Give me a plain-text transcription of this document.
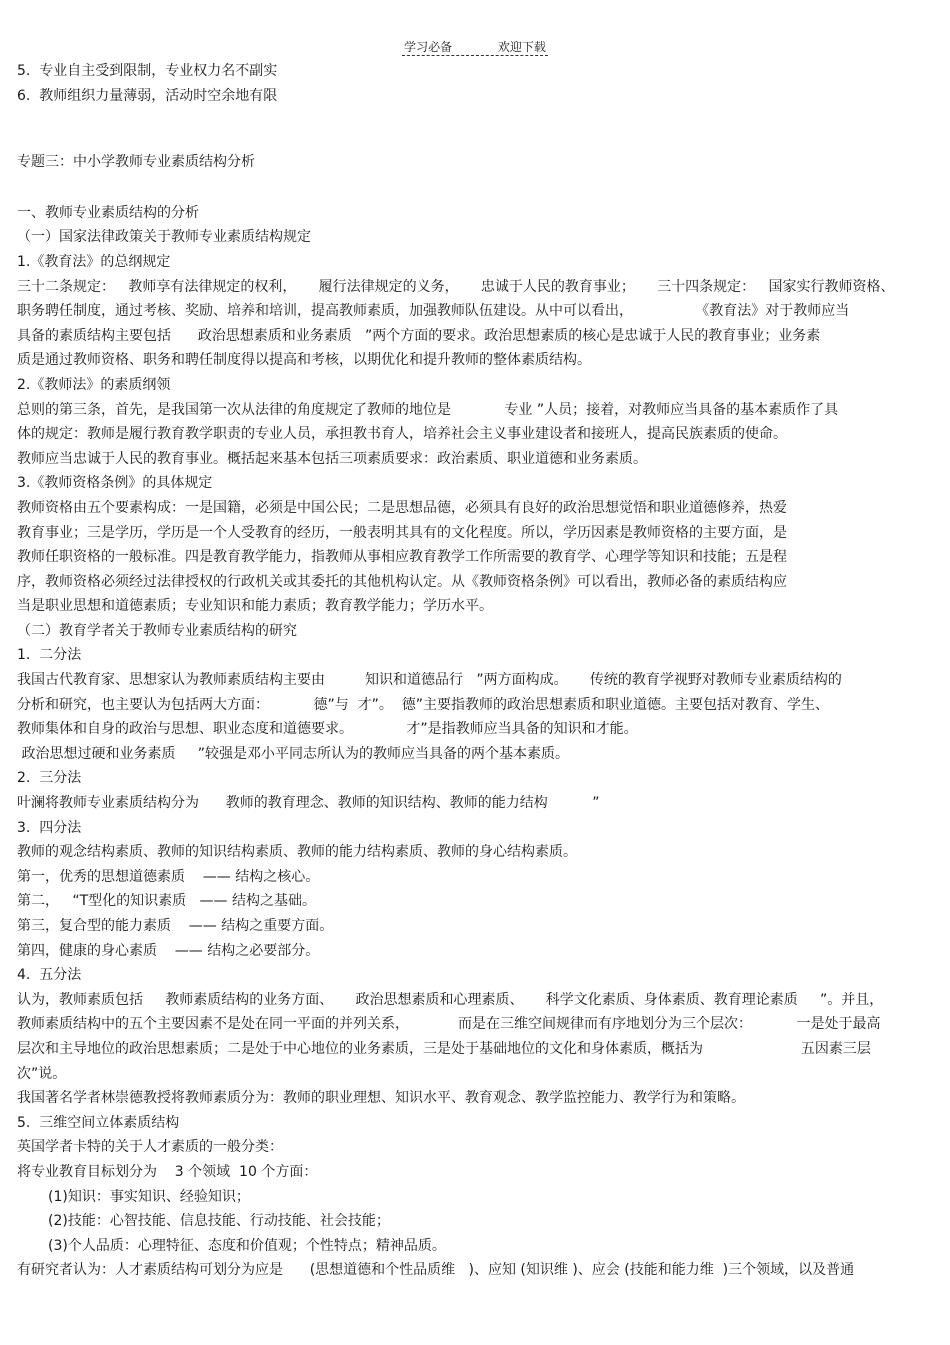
学习必备	欢迎下载

5.  专业自主受到限制，专业权力名不副实

6.  教师组织力量薄弱，活动时空余地有限

专题三：中小学教师专业素质结构分析

一、教师专业素质结构的分析

（一）国家法律政策关于教师专业素质结构规定

1.《教育法》的总纲规定

三十二条规定：   教师享有法律规定的权利，     履行法律规定的义务，     忠诚于人民的教育事业；     三十四条规定：   国家实行教师资格、

职务聘任制度，通过考核、奖励、培养和培训，提高教师素质，加强教师队伍建设。从中可以看出，              《教育法》对于教师应当

具备的素质结构主要包括      政治思想素质和业务素质   ”两个方面的要求。政治思想素质的核心是忠诚于人民的教育事业；业务素

质是通过教师资格、职务和聘任制度得以提高和考核，以期优化和提升教师的整体素质结构。

2.《教师法》的素质纲领

总则的第三条，首先，是我国第一次从法律的角度规定了教师的地位是            专业 ”人员；接着，对教师应当具备的基本素质作了具

体的规定：教师是履行教育教学职责的专业人员，承担教书育人，培养社会主义事业建设者和接班人，提高民族素质的使命。

教师应当忠诚于人民的教育事业。概括起来基本包括三项素质要求：政治素质、职业道德和业务素质。

3.《教师资格条例》的具体规定

教师资格由五个要素构成：一是国籍，必须是中国公民；二是思想品德，必须具有良好的政治思想觉悟和职业道德修养，热爱

教育事业；三是学历，学历是一个人受教育的经历，一般表明其具有的文化程度。所以，学历因素是教师资格的主要方面，是

教师任职资格的一般标准。四是教育教学能力，指教师从事相应教育教学工作所需要的教育学、心理学等知识和技能；五是程

序，教师资格必须经过法律授权的行政机关或其委托的其他机构认定。从《教师资格条例》可以看出，教师必备的素质结构应

当是职业思想和道德素质；专业知识和能力素质；教育教学能力；学历水平。

（二）教育学者关于教师专业素质结构的研究

1.  二分法

我国古代教育家、思想家认为教师素质结构主要由         知识和道德品行   ”两方面构成。     传统的教育学视野对教师专业素质结构的

分析和研究，也主要认为包括两大方面：          德”与  才”。  德”主要指教师的政治思想素质和职业道德。主要包括对教育、学生、

教师集体和自身的政治与思想、职业态度和道德要求。            才”是指教师应当具备的知识和才能。

政治思想过硬和业务素质     ”较强是邓小平同志所认为的教师应当具备的两个基本素质。

2.  三分法

叶澜将教师专业素质结构分为      教师的教育理念、教师的知识结构、教师的能力结构          ”

3.  四分法

教师的观念结构素质、教师的知识结构素质、教师的能力结构素质、教师的身心结构素质。

第一，优秀的思想道德素质    —— 结构之核心。

第二，   “T型化的知识素质   —— 结构之基础。

第三，复合型的能力素质    —— 结构之重要方面。

第四，健康的身心素质    —— 结构之必要部分。

4.  五分法

认为，教师素质包括     教师素质结构的业务方面、     政治思想素质和心理素质、     科学文化素质、身体素质、教育理论素质     ”。并且，

教师素质结构中的五个主要因素不是处在同一平面的并列关系，           而是在三维空间规律而有序地划分为三个层次：          一是处于最高

层次和主导地位的政治思想素质；二是处于中心地位的业务素质，三是处于基础地位的文化和身体素质，概括为                      五因素三层

次”说。

我国著名学者林崇德教授将教师素质分为：教师的职业理想、知识水平、教育观念、教学监控能力、教学行为和策略。

5.  三维空间立体素质结构

英国学者卡特的关于人才素质的一般分类：

将专业教育目标划分为    3 个领域  10 个方面：

(1)知识：事实知识、经验知识；

(2)技能：心智技能、信息技能、行动技能、社会技能；

(3)个人品质：心理特征、态度和价值观；个性特点；精神品质。

有研究者认为：人才素质结构可划分为应是      (思想道德和个性品质维   )、应知 (知识维 )、应会 (技能和能力维  )三个领域，以及普通
